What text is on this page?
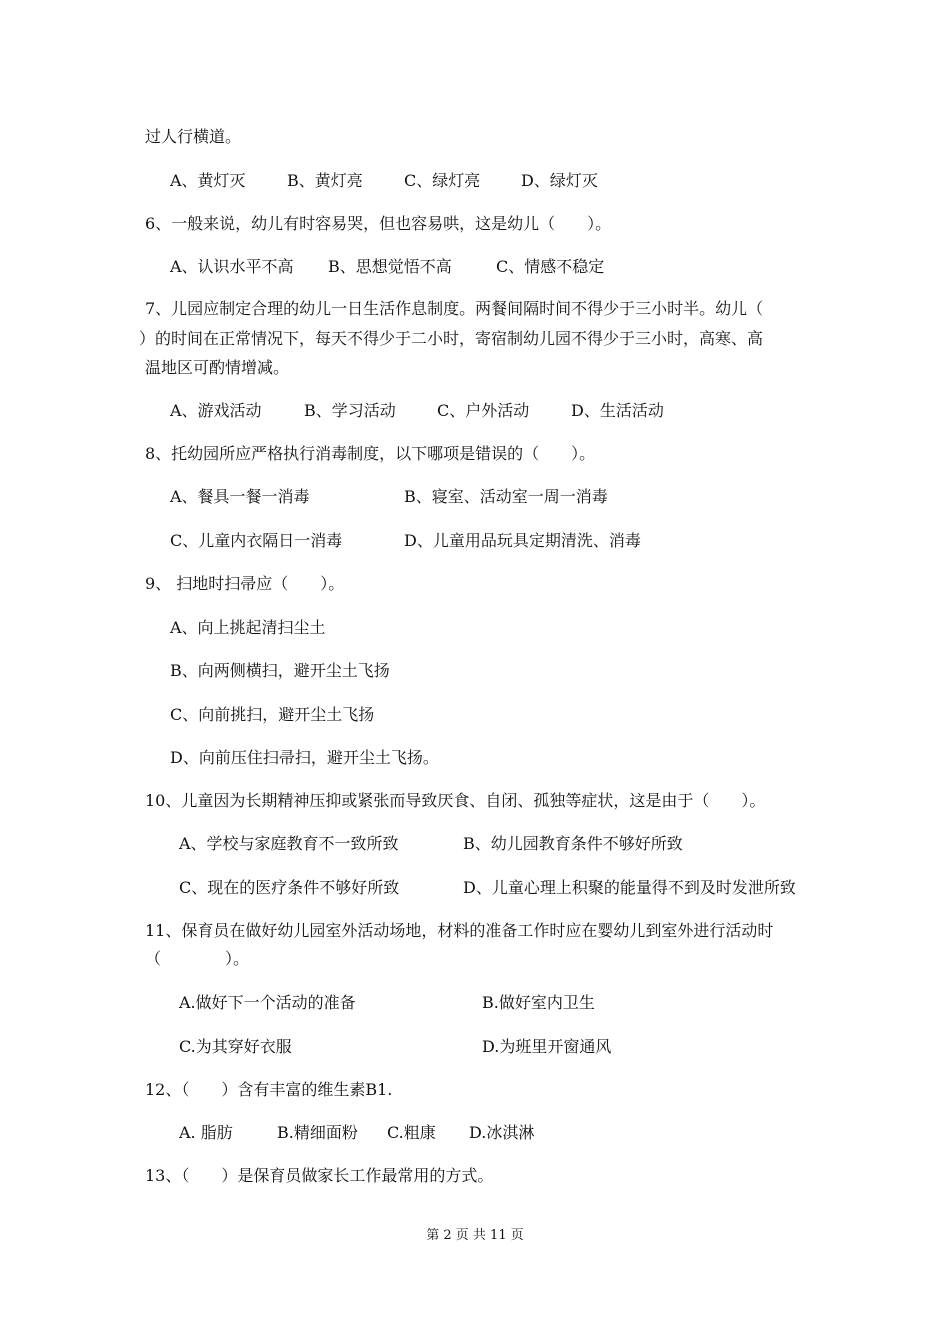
过人行横道。
A、黄灯灭	B、黄灯亮	C、绿灯亮	D、绿灯灭
6、一般来说，幼儿有时容易哭，但也容易哄，这是幼儿（　　）。
A、认识水平不高 B、思想觉悟不高	C、情感不稳定
7、儿园应制定合理的幼儿一日生活作息制度。两餐间隔时间不得少于三小时半。幼儿（
）的时间在正常情况下，每天不得少于二小时，寄宿制幼儿园不得少于三小时，高寒、高
温地区可酌情增减。
A、游戏活动	B、学习活动	C、户外活动	D、生活活动
8、托幼园所应严格执行消毒制度，以下哪项是错误的（　　）。
A、餐具一餐一消毒	B、寝室、活动室一周一消毒
C、儿童内衣隔日一消毒	D、儿童用品玩具定期清洗、消毒
9、 扫地时扫帚应（　　）。
A、向上挑起清扫尘土
B、向两侧横扫，避开尘土飞扬
C、向前挑扫，避开尘土飞扬
D、向前压住扫帚扫，避开尘土飞扬。
10、儿童因为长期精神压抑或紧张而导致厌食、自闭、孤独等症状，这是由于（　　）。
A、学校与家庭教育不一致所致	B、幼儿园教育条件不够好所致
C、现在的医疗条件不够好所致	D、儿童心理上积聚的能量得不到及时发泄所致
11、保育员在做好幼儿园室外活动场地，材料的准备工作时应在婴幼儿到室外进行活动时
（　　　　）。
A.做好下一个活动的准备	B.做好室内卫生
C.为其穿好衣服	D.为班里开窗通风
12、（　　）含有丰富的维生素B1.
A. 脂肪	B.精细面粉 C.粗康 D.冰淇淋
13、（　　）是保育员做家长工作最常用的方式。
第 2 页 共 11 页
